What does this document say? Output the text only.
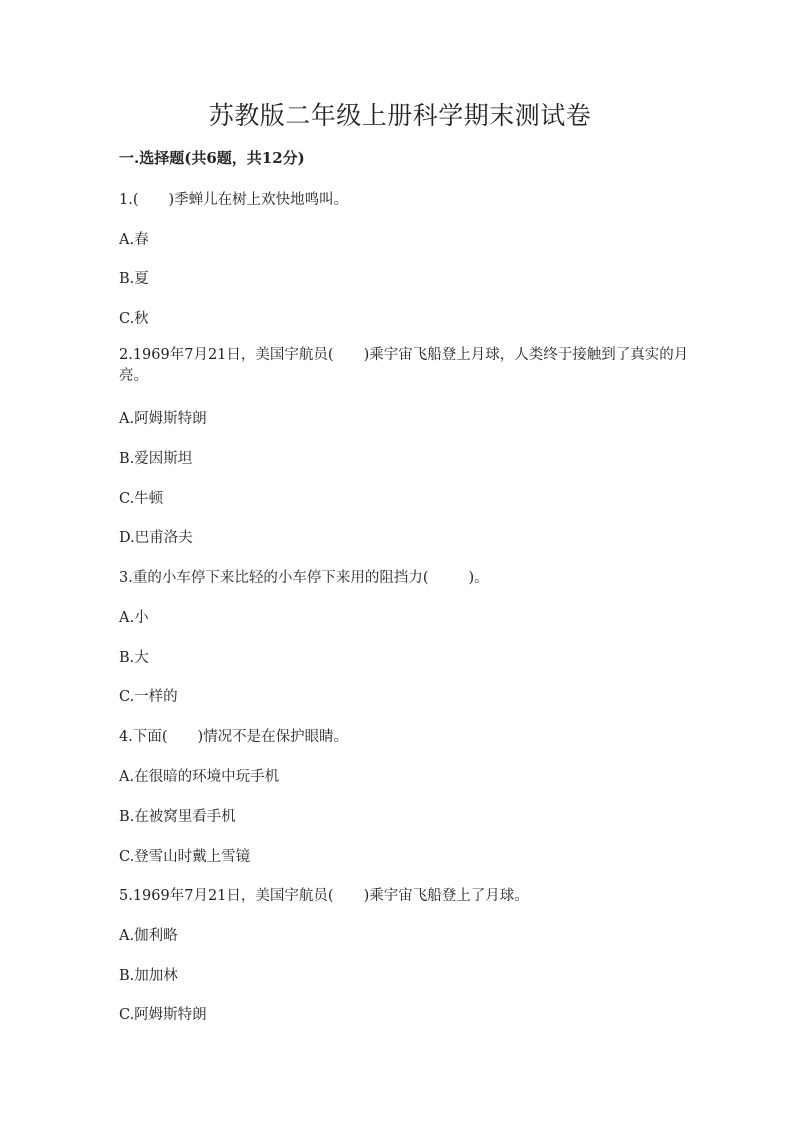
苏教版二年级上册科学期末测试卷
一.选择题(共6题，共12分)
1.( )季蝉儿在树上欢快地鸣叫。
A.春
B.夏
C.秋
2.1969年7月21日，美国宇航员( )乘宇宙飞船登上月球，人类终于接触到了真实的月亮。
A.阿姆斯特朗
B.爱因斯坦
C.牛顿
D.巴甫洛夫
3.重的小车停下来比轻的小车停下来用的阻挡力(	)。
A.小
B.大
C.一样的
4.下面( )情况不是在保护眼睛。
A.在很暗的环境中玩手机
B.在被窝里看手机
C.登雪山时戴上雪镜
5.1969年7月21日，美国宇航员( )乘宇宙飞船登上了月球。
A.伽利略
B.加加林
C.阿姆斯特朗
